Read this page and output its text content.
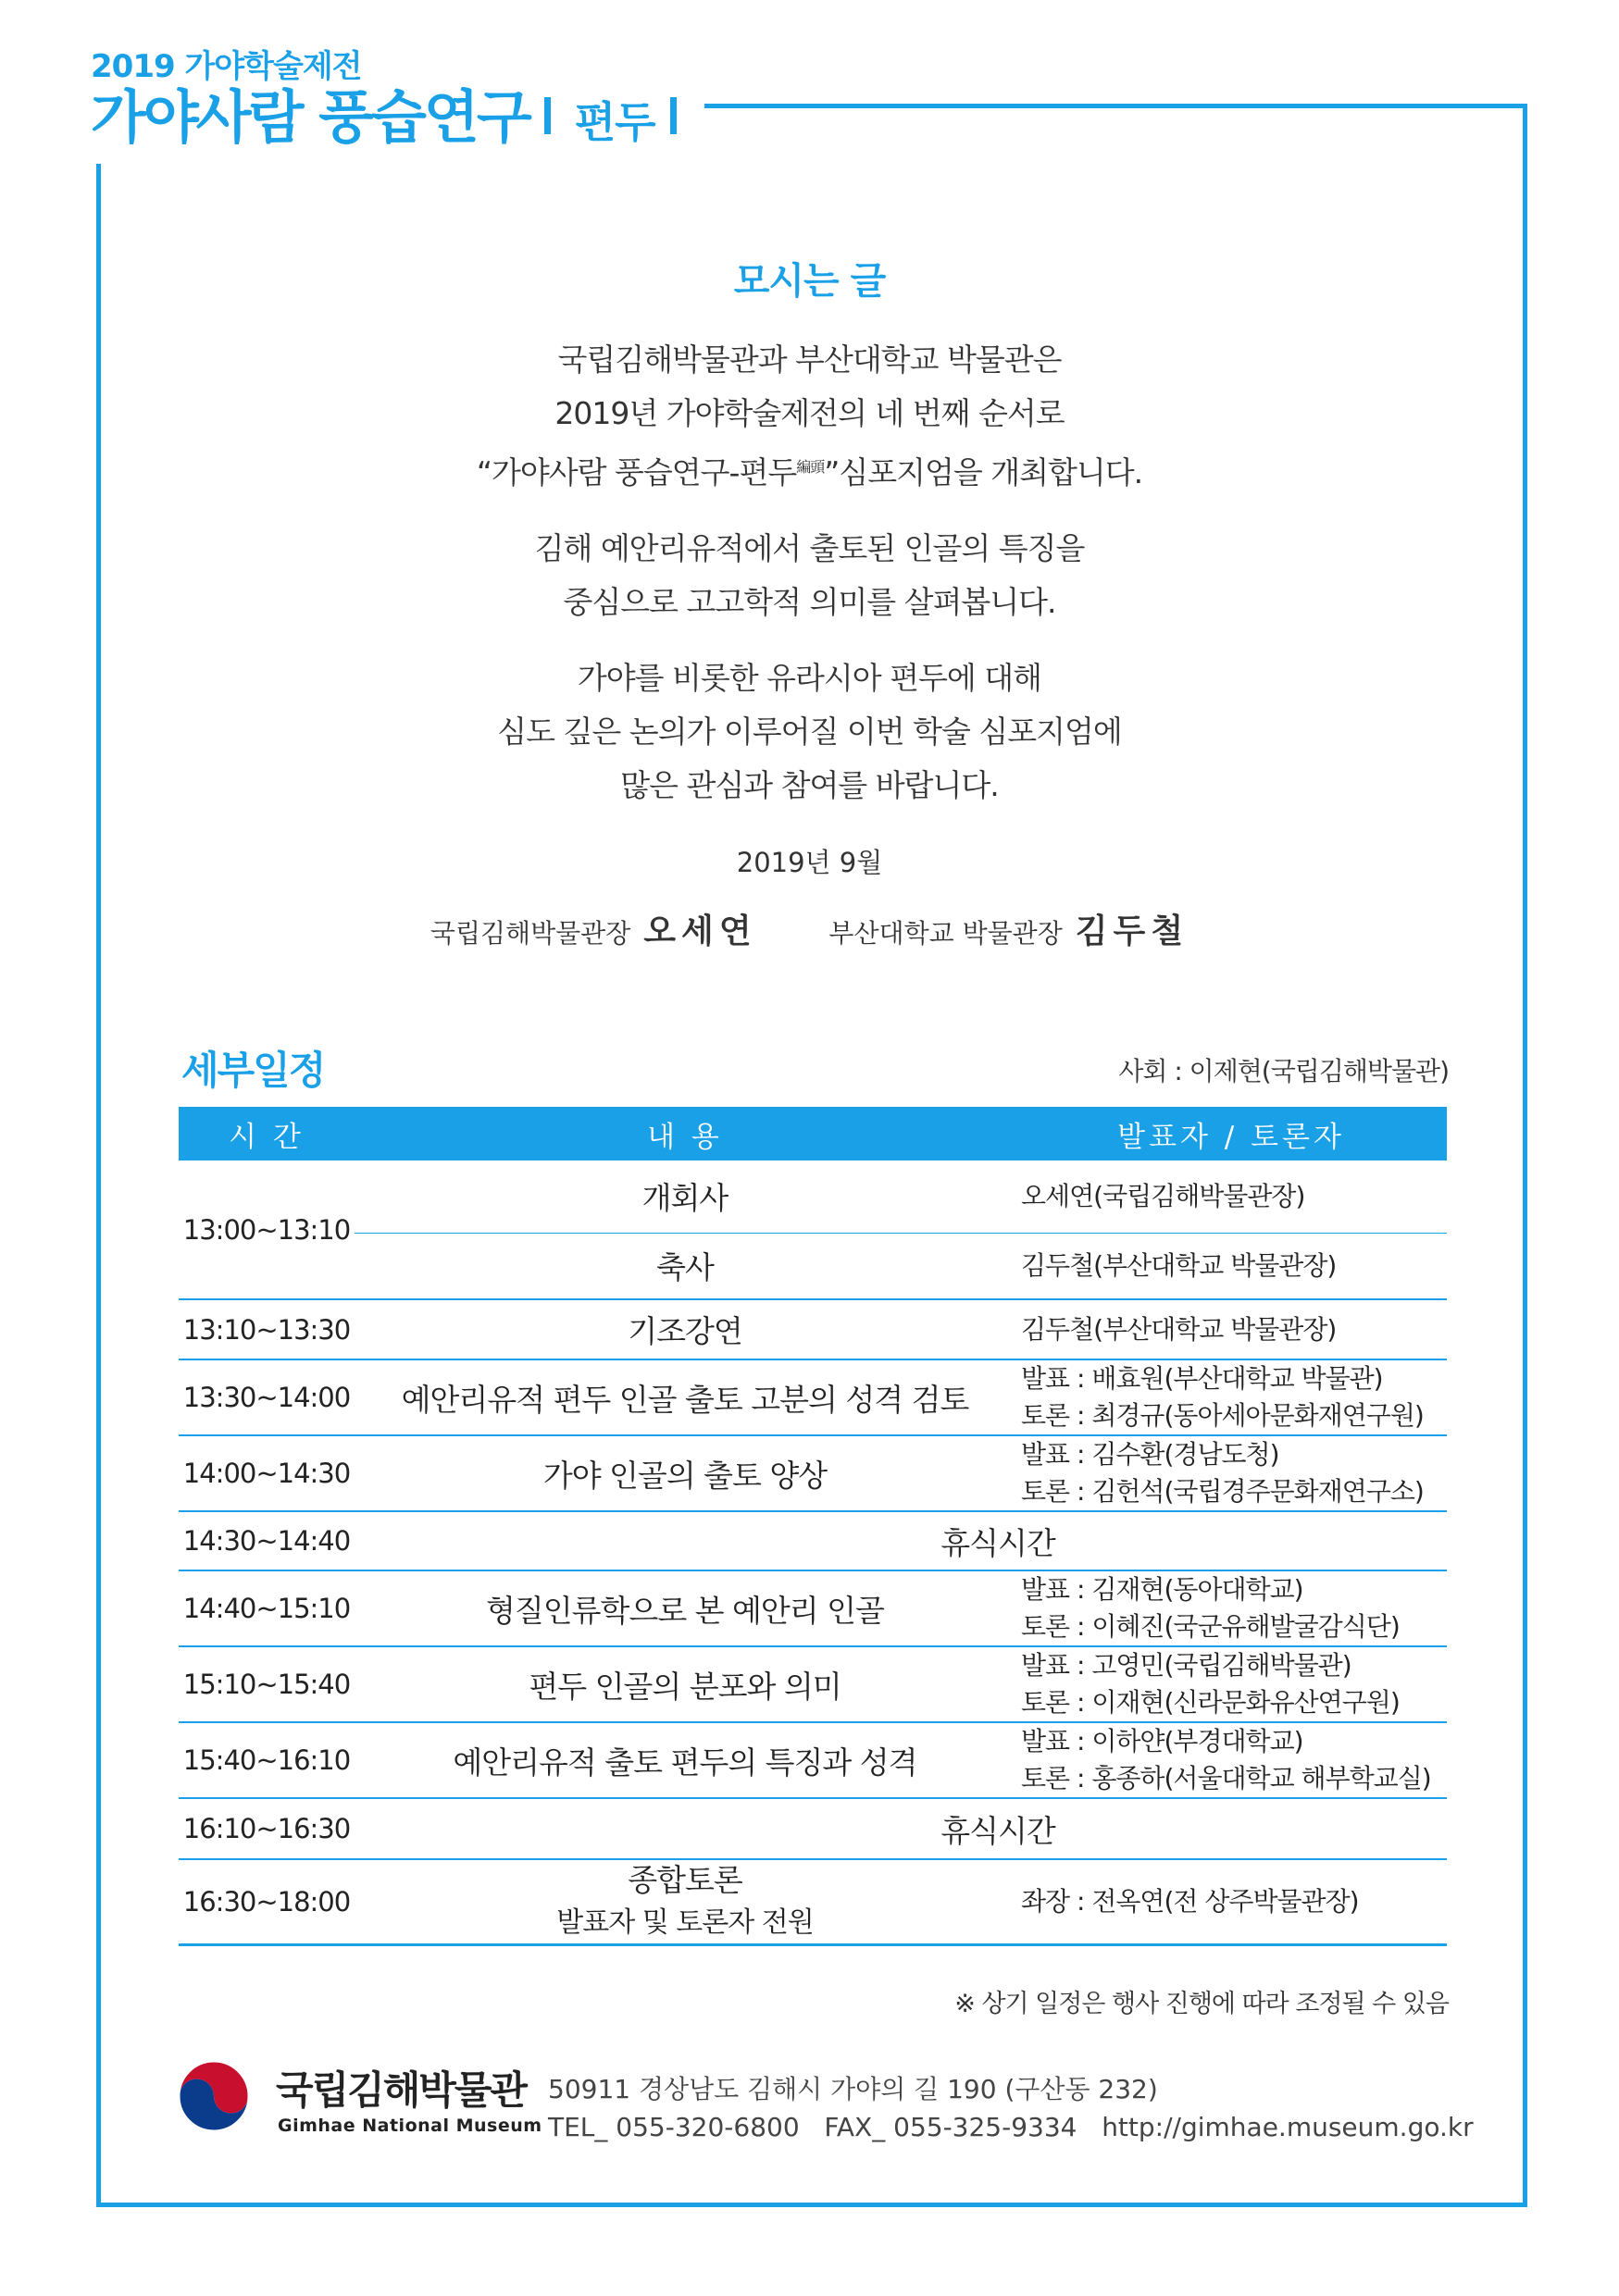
2019 가야학술제전
가야사람 풍습연구 편두
모시는 글

국립김해박물관과 부산대학교 박물관은
2019년 가야학술제전의 네 번째 순서로
“가야사람 풍습연구-편두$^{編頭}$”심포지엄을 개최합니다.

김해 예안리유적에서 출토된 인골의 특징을
중심으로 고고학적 의미를 살펴봅니다.

가야를 비롯한 유라시아 편두에 대해
심도 깊은 논의가 이루어질 이번 학술 심포지엄에
많은 관심과 참여를 바랍니다.

2019년 9월
국립김해박물관장 오세연	부산대학교 박물관장 김두철
세부일정	사회 : 이제현(국립김해박물관)
시 간	내 용	발표자 / 토론자
13:00~13:10	개회사	오세연(국립김해박물관장)
	축사	김두철(부산대학교 박물관장)
13:10~13:30	기조강연	김두철(부산대학교 박물관장)
13:30~14:00	예안리유적 편두 인골 출토 고분의 성격 검토	발표 : 배효원(부산대학교 박물관)
토론 : 최경규(동아세아문화재연구원)
14:00~14:30	가야 인골의 출토 양상	발표 : 김수환(경남도청)
토론 : 김헌석(국립경주문화재연구소)
14:30~14:40	휴식시간	
14:40~15:10	형질인류학으로 본 예안리 인골	발표 : 김재현(동아대학교)
토론 : 이혜진(국군유해발굴감식단)
15:10~15:40	편두 인골의 분포와 의미	발표 : 고영민(국립김해박물관)
토론 : 이재현(신라문화유산연구원)
15:40~16:10	예안리유적 출토 편두의 특징과 성격	발표 : 이하얀(부경대학교)
토론 : 홍종하(서울대학교 해부학교실)
16:10~16:30	휴식시간	
16:30~18:00	종합토론
발표자 및 토론자 전원	좌장 : 전옥연(전 상주박물관장)
※ 상기 일정은 행사 진행에 따라 조정될 수 있음
국립김해박물관
Gimhae National Museum
50911 경상남도 김해시 가야의 길 190 (구산동 232)
TEL_ 055-320-6800 FAX_ 055-325-9334 http://gimhae.museum.go.kr
